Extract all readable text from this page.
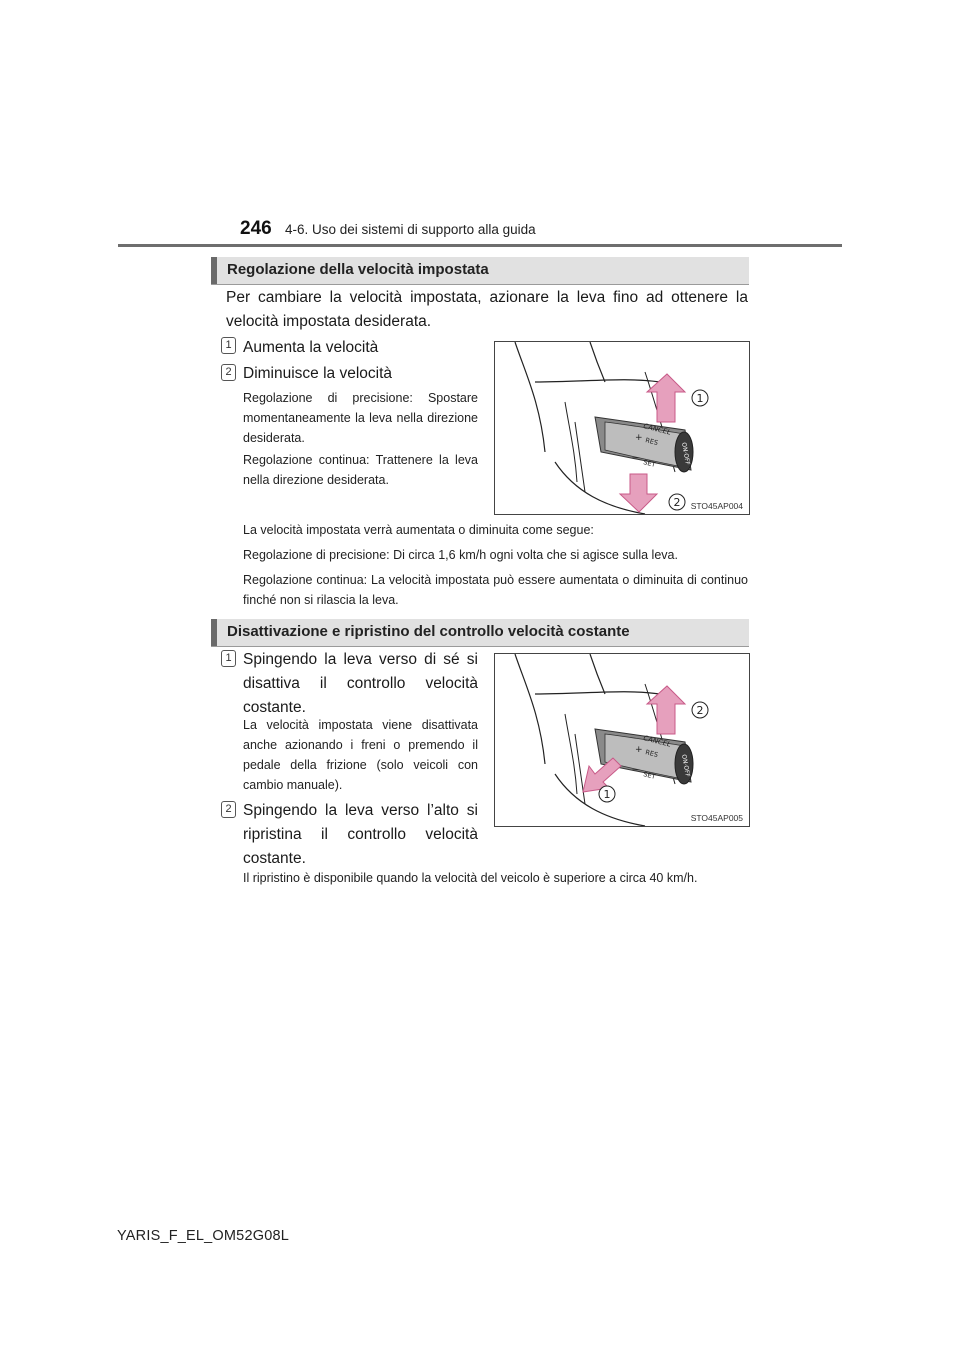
246 4-6. Uso dei sistemi di supporto alla guida
Regolazione della velocità impostata
Per cambiare la velocità impostata, azionare la leva fino ad ottenere la velocità impostata desiderata.
1 Aumenta la velocità
2 Diminuisce la velocità
Regolazione di precisione: Spostare momentaneamente la leva nella direzione desiderata.
Regolazione continua: Trattenere la leva nella direzione desiderata.
ON·OFF
CANCEL
+ RES
—
SET
1
2 STO45AP004
La velocità impostata verrà aumentata o diminuita come segue:
Regolazione di precisione: Di circa 1,6 km/h ogni volta che si agisce sulla leva.
Regolazione continua: La velocità impostata può essere aumentata o diminuita di continuo finché non si rilascia la leva.
Disattivazione e ripristino del controllo velocità costante
1 Spingendo la leva verso di sé si disattiva il controllo velocità costante.
La velocità impostata viene disattivata anche azionando i freni o premendo il pedale della frizione (solo veicoli con cambio manuale).
2 Spingendo la leva verso l’alto si ripristina il controllo velocità costante.
ON·OFF
CANCEL
+ RES
—
SET
2
1
STO45AP005
Il ripristino è disponibile quando la velocità del veicolo è superiore a circa 40 km/h.
YARIS_F_EL_OM52G08L
